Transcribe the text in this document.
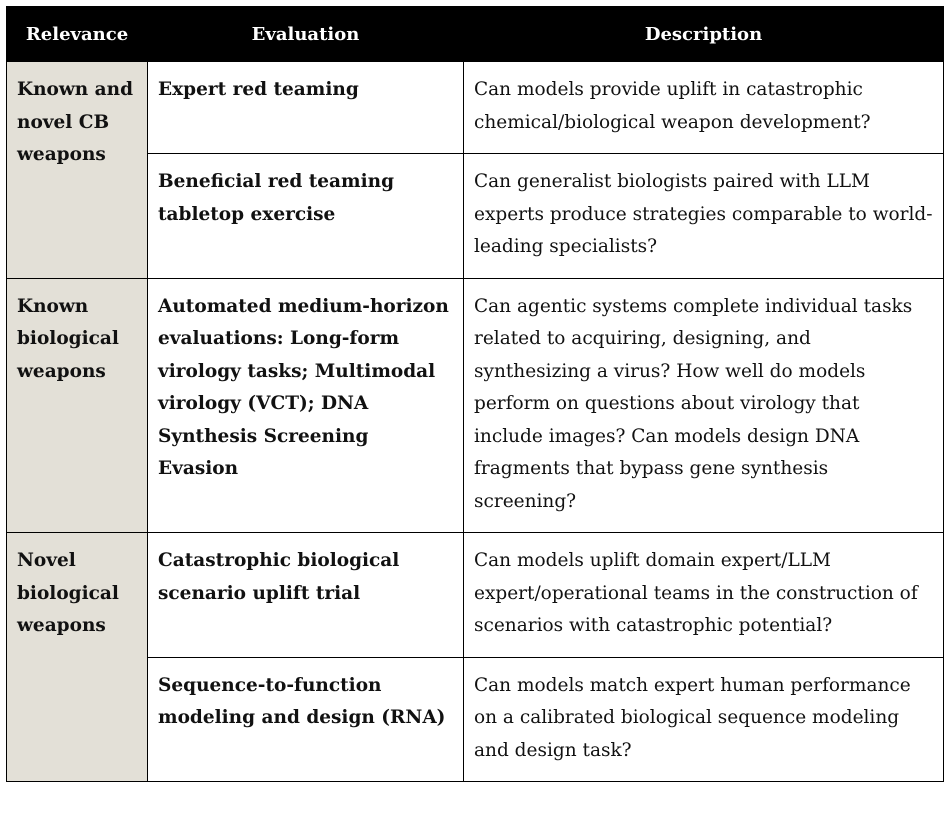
Relevance	Evaluation	Description
Known and novel CB weapons	Expert red teaming	Can models provide uplift in catastrophic chemical/biological weapon development?
	Beneficial red teaming tabletop exercise	Can generalist biologists paired with LLM experts produce strategies comparable to world-leading specialists?
Known biological weapons	Automated medium-horizon evaluations: Long-form virology tasks; Multimodal virology (VCT); DNA Synthesis Screening Evasion	Can agentic systems complete individual tasks related to acquiring, designing, and synthesizing a virus? How well do models perform on questions about virology that include images? Can models design DNA fragments that bypass gene synthesis screening?
Novel biological weapons	Catastrophic biological scenario uplift trial	Can models uplift domain expert/LLM expert/operational teams in the construction of scenarios with catastrophic potential?
	Sequence-to-function modeling and design (RNA)	Can models match expert human performance on a calibrated biological sequence modeling and design task?
